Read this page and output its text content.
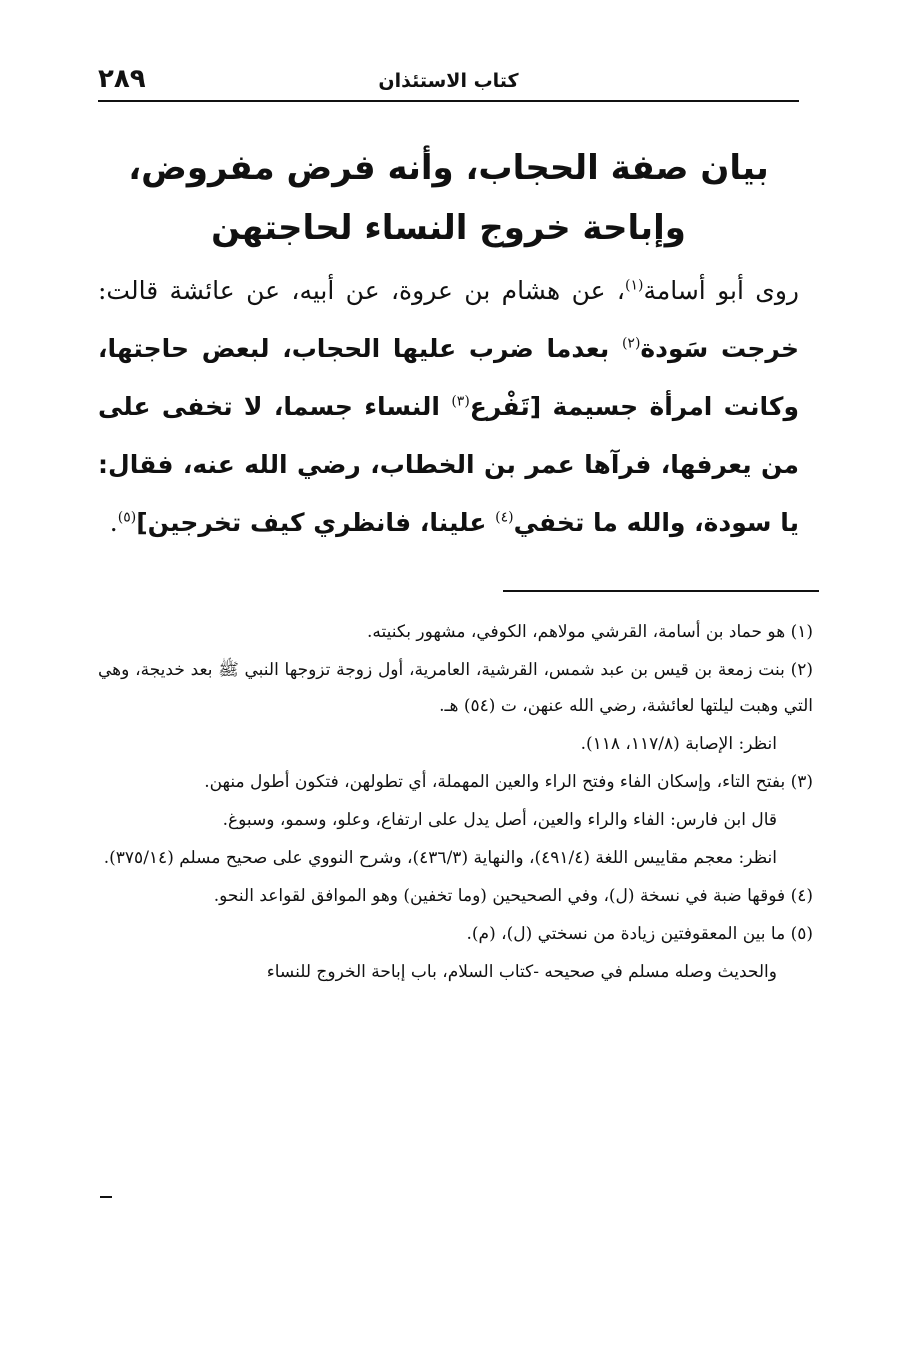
٢٨٩	كتاب الاستئذان
بيان صفة الحجاب، وأنه فرض مفروض، وإباحة خروج النساء لحاجتهن

روى أبو أسامة$^{(١)}$، عن هشام بن عروة، عن أبيه، عن عائشة قالت: خرجت سَودة$^{(٢)}$ بعدما ضرب عليها الحجاب، لبعض حاجتها، وكانت امرأة جسيمة [تَفْرع$^{(٣)}$ النساء جسما، لا تخفى على من يعرفها، فرآها عمر بن الخطاب، رضي الله عنه، فقال: يا سودة، والله ما تخفي$^{(٤)}$ علينا، فانظري كيف تخرجين]$^{(٥)}$.

(١) هو حماد بن أسامة، القرشي مولاهم، الكوفي، مشهور بكنيته.

(٢) بنت زمعة بن قيس بن عبد شمس، القرشية، العامرية، أول زوجة تزوجها النبي ﷺ بعد خديجة، وهي التي وهبت ليلتها لعائشة، رضي الله عنهن، ت (٥٤) هـ.

انظر: الإصابة (١١٧/٨، ١١٨).

(٣) بفتح التاء، وإسكان الفاء وفتح الراء والعين المهملة، أي تطولهن، فتكون أطول منهن.

قال ابن فارس: الفاء والراء والعين، أصل يدل على ارتفاع، وعلو، وسمو، وسبوغ.

انظر: معجم مقاييس اللغة (٤٩١/٤)، والنهاية (٤٣٦/٣)، وشرح النووي على صحيح مسلم (٣٧٥/١٤).

(٤) فوقها ضبة في نسخة (ل)، وفي الصحيحين (وما تخفين) وهو الموافق لقواعد النحو.

(٥) ما بين المعقوفتين زيادة من نسختي (ل)، (م).

والحديث وصله مسلم في صحيحه -كتاب السلام، باب إباحة الخروج للنساء
